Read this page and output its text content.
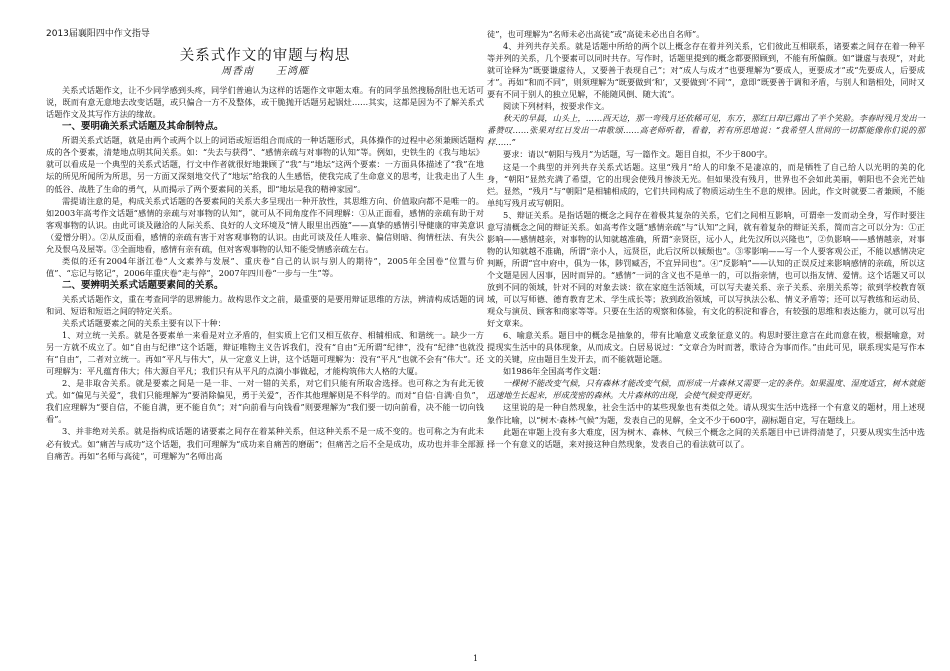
2013届襄阳四中作文指导
关系式作文的审题与构思
周香南　　王鸿雁
关系式话题作文，让不少同学感到头疼，同学们普遍认为这样的话题作文审题太难。有的同学虽然搜肠刮肚也无话可说，既而有意无意地去改变话题，或只偏合一方不及整体，或干脆抛开话题另起锅灶……其实，这都是因为不了解关系式话题作文及其写作方法的缘故。
一、要明确关系式话题及其命制特点。
所谓关系式话题，就是由两个或两个以上的词语或短语组合而成的一种话题形式，具体操作的过程中必须兼顾话题构成的各个要素，清楚地点明其间关系。如：“失去与获得”、“感情亲疏与对事物的认知”等。例如，史铁生的《我与地坛》就可以看成是一个典型的关系式话题，行文中作者就很好地兼顾了“我”与“地坛”这两个要素：一方面具体描述了“我”在地坛的所见所闻所为所思，另一方面又深刻地交代了“地坛”给我的人生感悟，使我完成了生命意义的思考，让我走出了人生的低谷、战胜了生命的勇气，从而揭示了两个要素间的关系，即“地坛是我的精神家园”。
需提请注意的是，构成关系式话题的各要素间的关系大多呈现出一种开放性，其思维方向、价值取向都不是唯一的。如2003年高考作文话题“感情的亲疏与对事物的认知”，就可从不同角度作不同理解：①从正面看，感情的亲疏有助于对客观事物的认识。由此可谈及融洽的人际关系、良好的人文环境及“情人眼里出西施”——真挚的感情引导健康的审美意识（爱憎分明）。②从反面看，感情的亲疏有害于对客观事物的认识。由此可谈及任人唯亲、偏信则暗、徇情枉法、有失公允及恨乌及屋等。③全面地看，感情有亲有疏，但对客观事物的认知不能受情感亲疏左右。
类似的还有2004年浙江卷“人文素养与发展”、重庆卷“自己的认识与别人的期待”，2005年全国卷“位置与价值”、“忘记与铭记”，2006年重庆卷“走与停”，2007年四川卷“一步与一生”等。
二、要辨明关系式话题要素间的关系。
关系式话题作文，重在考查同学的思辨能力。故构思作文之前，最重要的是要用辩证思维的方法，辨清构成话题的词和词、短语和短语之间的特定关系。
关系式话题要素之间的关系主要有以下十种：
1、对立统一关系。就是各要素单一来看是对立矛盾的，但实质上它们又相互依存、相辅相成、和谐统一。缺少一方另一方就不成立了。如“自由与纪律”这个话题，辩证唯物主义告诉我们，没有“自由”无所谓“纪律”，没有“纪律”也就没有“自由”，二者对立统一。再如“平凡与伟大”，从一定意义上讲，这个话题可理解为：没有“平凡”也就不会有“伟大”。还可理解为：平凡蕴育伟大；伟大源自平凡；我们只有从平凡的点滴小事做起，才能构筑伟大人格的大厦。
2、是非取舍关系。就是要素之间是一是一非、一对一错的关系，对它们只能有所取舍选择。也可称之为有此无彼式。如“偏见与关爱”，我们只能理解为“要消除偏见，勇于关爱”，否作其他理解则是不科学的。而对“自信·自满·自负”，我们应理解为“要自信，不能自满，更不能自负”；对“向前看与向钱看”则要理解为“我们要一切向前看，决不能一切向钱看”。
3、并非绝对关系。就是指构成话题的诸要素之间存在着某种关系，但这种关系不是一成不变的。也可称之为有此未必有彼式。如“痛苦与成功”这个话题，我们可理解为“成功来自痛苦的磨砺”；但痛苦之后不全是成功，成功也并非全部源自痛苦。再如“名师与高徒”，可理解为“名师出高
徒”，也可理解为“名师未必出高徒”或“高徒未必出自名师”。
4、并列共存关系。就是话题中所给的两个以上概念存在着并列关系，它们彼此互相联系，诸要素之间存在着一种平等并列的关系，几个要素可以同时共存。写作时，话题里提到的概念都要照顾到，不能有所偏颇。如“谦虚与表现”，对此就可诠释为“既要谦虚待人，又要善于表现自己”；对“成人与成才”也要理解为“要成人，更要成才”或“先要成人，后要成才”。再如“和而不同”，则须理解为“既要做到‘和’，又要做到‘不同’”，意即“既要善于调和矛盾，与别人和谐相处，同时又要有不同于别人的独立见解，不能随风倒、随大流”。
阅读下列材料，按要求作文。
秋天的早晨，山头上，……西天边，那一弯残月还依稀可见，东方，那红日却已露出了半个笑脸。李春时残月发出一番赞叹……张果对红日发出一串歌颂……高老师听着，看着，若有所思地说：“我希望人世间的一切都能像你们说的那样……”
要求：请以“朝阳与残月”为话题，写一篇作文。题目自拟，不少于800字。
这是一个典型的并列共存关系式话题。这里“残月”给人的印象不是凄凉的，而是牺牲了自己给人以光明的美的化身，“朝阳”显然充满了希望，它的出现会使残月惨淡无光。但如果没有残月，世界也不会如此美丽，朝阳也不会光芒灿烂。显然，“残月”与“朝阳”是相辅相成的，它们共同构成了物质运动生生不息的规律。因此，作文时就要二者兼顾，不能单纯写残月或写朝阳。
5、辩证关系。是指话题的概念之间存在着极其复杂的关系，它们之间相互影响，可谓牵一发而动全身，写作时要注意写清概念之间的辩证关系。如高考作文题“感情亲疏”与“认知”之间，就有着复杂的辩证关系，简而言之可以分为：①正影响——感情越亲，对事物的认知就越准确，所谓“亲贤臣，远小人，此先汉所以兴隆也”，②负影响——感情越亲，对事物的认知就越不准确，所谓“亲小人，远贤臣，此后汉所以倾颓也”。③零影响——写一个人要客观公正，不能以感情决定判断，所谓“宫中府中，俱为一体，陟罚臧否，不宜异同也”。④“反影响”——认知的正误反过来影响感情的亲疏，所以这个文题是因人因事，因时而异的。“感情”一词的含义也不是单一的，可以指亲情，也可以指友情、爱情。这个话题又可以放到不同的领域，针对不同的对象去谈：欲在家庭生活领域，可以写夫妻关系、亲子关系、亲朋关系等；欲到学校教育领域，可以写师德、德育教育艺术、学生成长等；放到政治领域，可以写执法公私、情义矛盾等；还可以写教练和运动员、观众与演员、顾客和商家等等。只要在生活的观察和体验，有文化的积淀和睿合，有较强的思维和表达能力，就可以写出好文章来。
6、喻意关系。题目中的概念是抽象的，带有比喻意义或象征意义的。构思时要注意言在此而意在彼，根据喻意，对提现实生活中的具体现象，从而成文。白居易说过：“文章合为时而著，歌诗合为事而作。”由此可见，联系现实是写作本文的关键，应由题目生发开去，而不能就题论题。
如1986年全国高考作文题：
一棵树不能改变气候，只有森林才能改变气候，而形成一片森林又需要一定的条件。如果温度、湿度适宜，树木就能迅速地生长起来，形成茂密的森林。大片森林的出现，会使气候变得更好。
这里说的是一种自然现象，社会生活中的某些现象也有类似之处。请从现实生活中选择一个有意义的题材，用上述现象作比喻，以“树木·森林·气候”为题，发表自己的见解，全文不少于600字，副标题自定，写在题线上。
此题在审题上没有多大难度，因为树木、森林、气候三个概念之间的关系题目中已讲得清楚了，只要从现实生活中选择一个有意义的话题，来对接这种自然现象，发表自己的看法就可以了。
1
